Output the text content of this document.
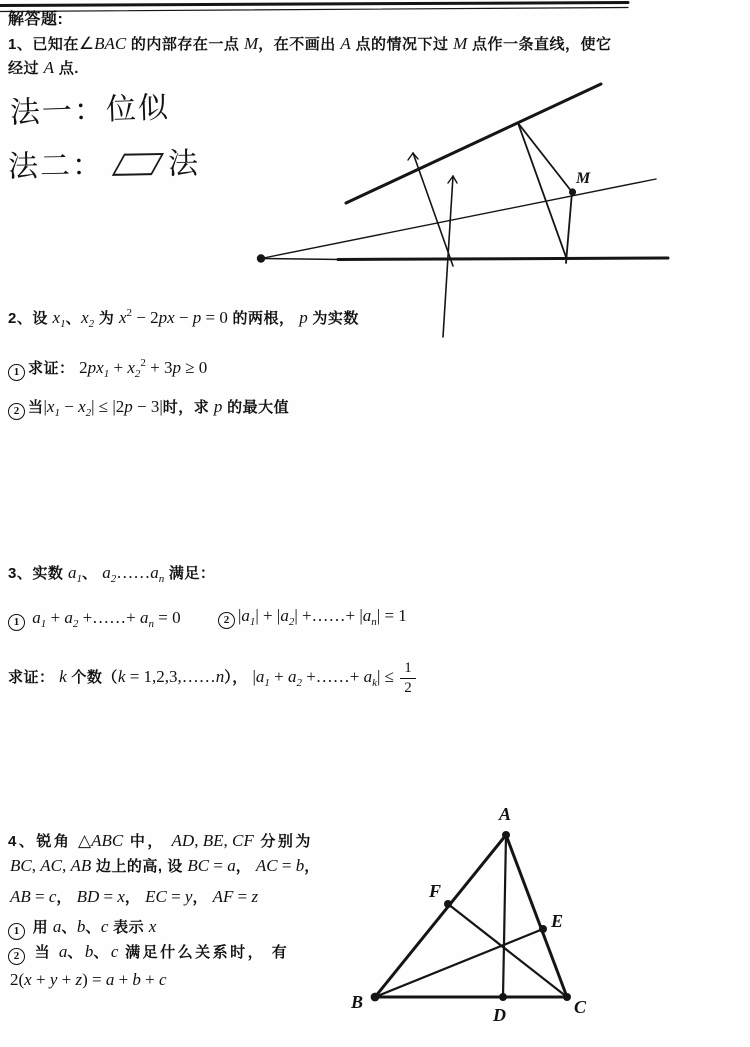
解答题:
1、已知在∠BAC 的内部存在一点 M，在不画出 A 点的情况下过 M 点作一条直线，使它
经过 A 点.
法一：位似
法二： 法	M
2、设 $x_1$、$x_2$ 为 $x^2 - 2px - p = 0$ 的两根， p 为实数
1 求证： $2px_1 + x_2^2 + 3p \ge 0$
2 当$|x_1 - x_2| \le |2p - 3|$时，求 p 的最大值
3、实数 $a_1$、 $a_2\dots\dots a_n$ 满足：
1 $a_1 + a_2$ +……+ $a_n = 0$	2 $|a_1| + |a_2|$ +……+ $|a_n| = 1$
求证： k 个数（k = 1,2,3,……n）， $|a_1 + a_2$ +……+ $a_k| \le \frac{1}{2}$
4、锐角 △ABC 中， AD, BE, CF 分别为
BC, AC, AB 边上的高, 设 BC = a， AC = b，
AB = c， BD = x， EC = y， AF = z
1 用 a、b、c 表示 x
2 当 a、b、c 满足什么关系时， 有
2(x + y + z) = a + b + c
A
B	C
D
E
F
